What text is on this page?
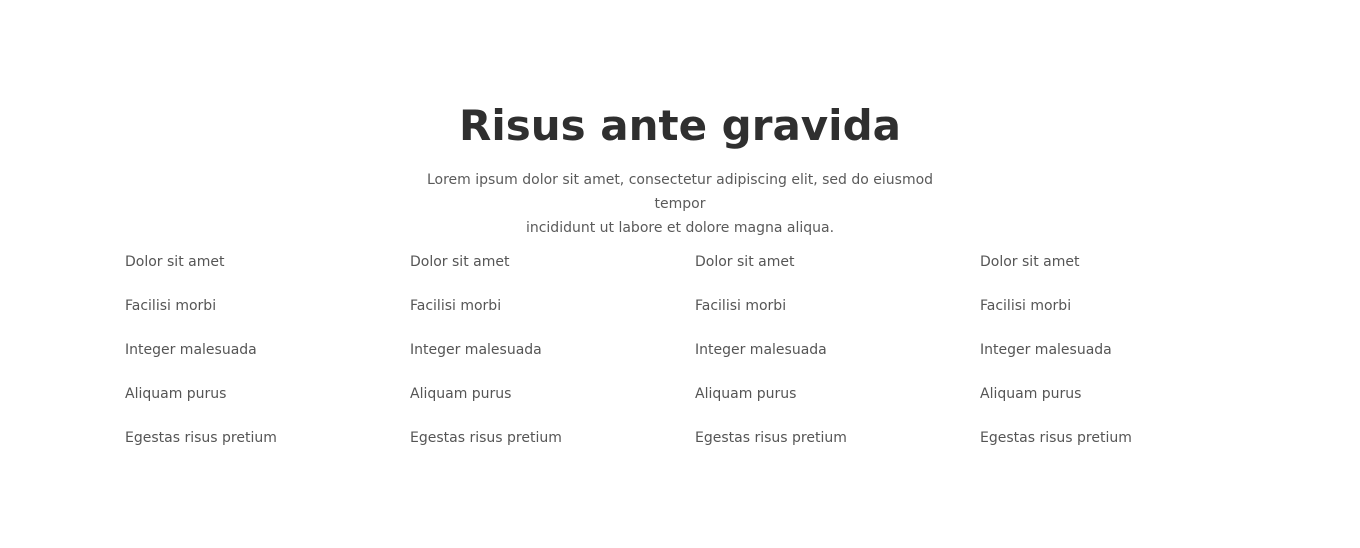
Risus ante gravida

Lorem ipsum dolor sit amet, consectetur adipiscing elit, sed do eiusmod tempor
incididunt ut labore et dolore magna aliqua.

Dolor sit amet
Facilisi morbi
Integer malesuada
Aliquam purus
Egestas risus pretium
Dolor sit amet
Facilisi morbi
Integer malesuada
Aliquam purus
Egestas risus pretium
Dolor sit amet
Facilisi morbi
Integer malesuada
Aliquam purus
Egestas risus pretium
Dolor sit amet
Facilisi morbi
Integer malesuada
Aliquam purus
Egestas risus pretium
